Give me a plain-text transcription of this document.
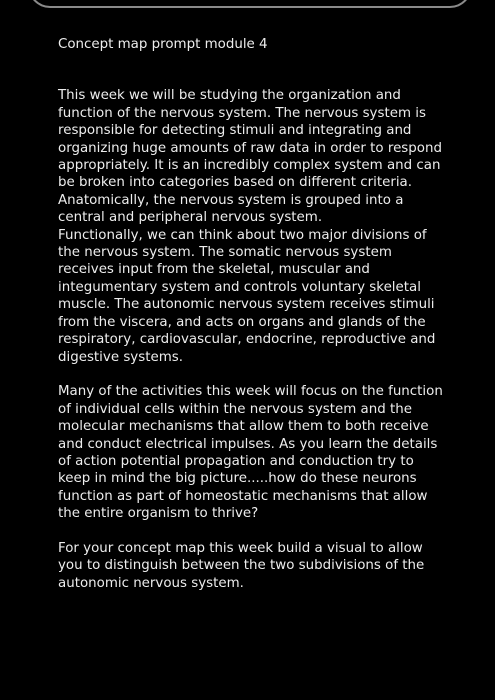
Concept map prompt module 4

This week we will be studying the organization and function of the nervous system. The nervous system is responsible for detecting stimuli and integrating and organizing huge amounts of raw data in order to respond appropriately. It is an incredibly complex system and can be broken into categories based on different criteria.
Anatomically, the nervous system is grouped into a central and peripheral nervous system.
Functionally, we can think about two major divisions of the nervous system. The somatic nervous system receives input from the skeletal, muscular and integumentary system and controls voluntary skeletal muscle. The autonomic nervous system receives stimuli from the viscera, and acts on organs and glands of the respiratory, cardiovascular, endocrine, reproductive and digestive systems.

Many of the activities this week will focus on the function of individual cells within the nervous system and the molecular mechanisms that allow them to both receive and conduct electrical impulses. As you learn the details of action potential propagation and conduction try to keep in mind the big picture.....how do these neurons function as part of homeostatic mechanisms that allow the entire organism to thrive?

For your concept map this week build a visual to allow you to distinguish between the two subdivisions of the autonomic nervous system.
